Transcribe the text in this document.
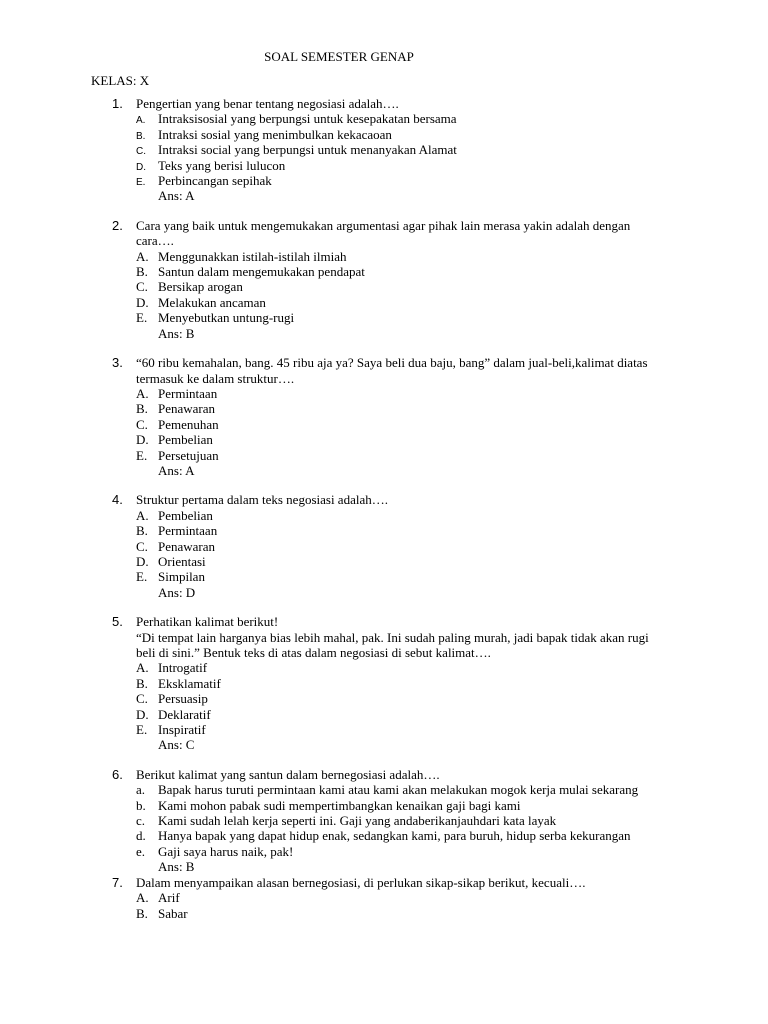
SOAL SEMESTER GENAP
KELAS: X
1. Pengertian yang benar tentang negosiasi adalah….
A. Intraksisosial yang berpungsi untuk kesepakatan bersama
B. Intraksi sosial yang menimbulkan kekacaoan
C. Intraksi social yang berpungsi untuk menanyakan Alamat
D. Teks yang berisi lulucon
E. Perbincangan sepihak
Ans: A
2. Cara yang baik untuk mengemukakan argumentasi agar pihak lain merasa yakin adalah dengan cara….
A. Menggunakkan istilah-istilah ilmiah
B. Santun dalam mengemukakan pendapat
C. Bersikap arogan
D. Melakukan ancaman
E. Menyebutkan untung-rugi
Ans: B
3. “60 ribu kemahalan, bang. 45 ribu aja ya? Saya beli dua baju, bang” dalam jual-beli,kalimat diatas termasuk ke dalam struktur….
A. Permintaan
B. Penawaran
C. Pemenuhan
D. Pembelian
E. Persetujuan
Ans: A
4. Struktur pertama dalam teks negosiasi adalah….
A. Pembelian
B. Permintaan
C. Penawaran
D. Orientasi
E. Simpilan
Ans: D
5. Perhatikan kalimat berikut!
“Di tempat lain harganya bias lebih mahal, pak. Ini sudah paling murah, jadi bapak tidak akan rugi beli di sini.” Bentuk teks di atas dalam negosiasi di sebut kalimat….
A. Introgatif
B. Eksklamatif
C. Persuasip
D. Deklaratif
E. Inspiratif
Ans: C
6. Berikut kalimat yang santun dalam bernegosiasi adalah….
a. Bapak harus turuti permintaan kami atau kami akan melakukan mogok kerja mulai sekarang
b. Kami mohon pabak sudi mempertimbangkan kenaikan gaji bagi kami
c. Kami sudah lelah kerja seperti ini. Gaji yang andaberikanjauhdari kata layak
d. Hanya bapak yang dapat hidup enak, sedangkan kami, para buruh, hidup serba kekurangan
e. Gaji saya harus naik, pak!
Ans: B
7. Dalam menyampaikan alasan bernegosiasi, di perlukan sikap-sikap berikut, kecuali….
A. Arif
B. Sabar
